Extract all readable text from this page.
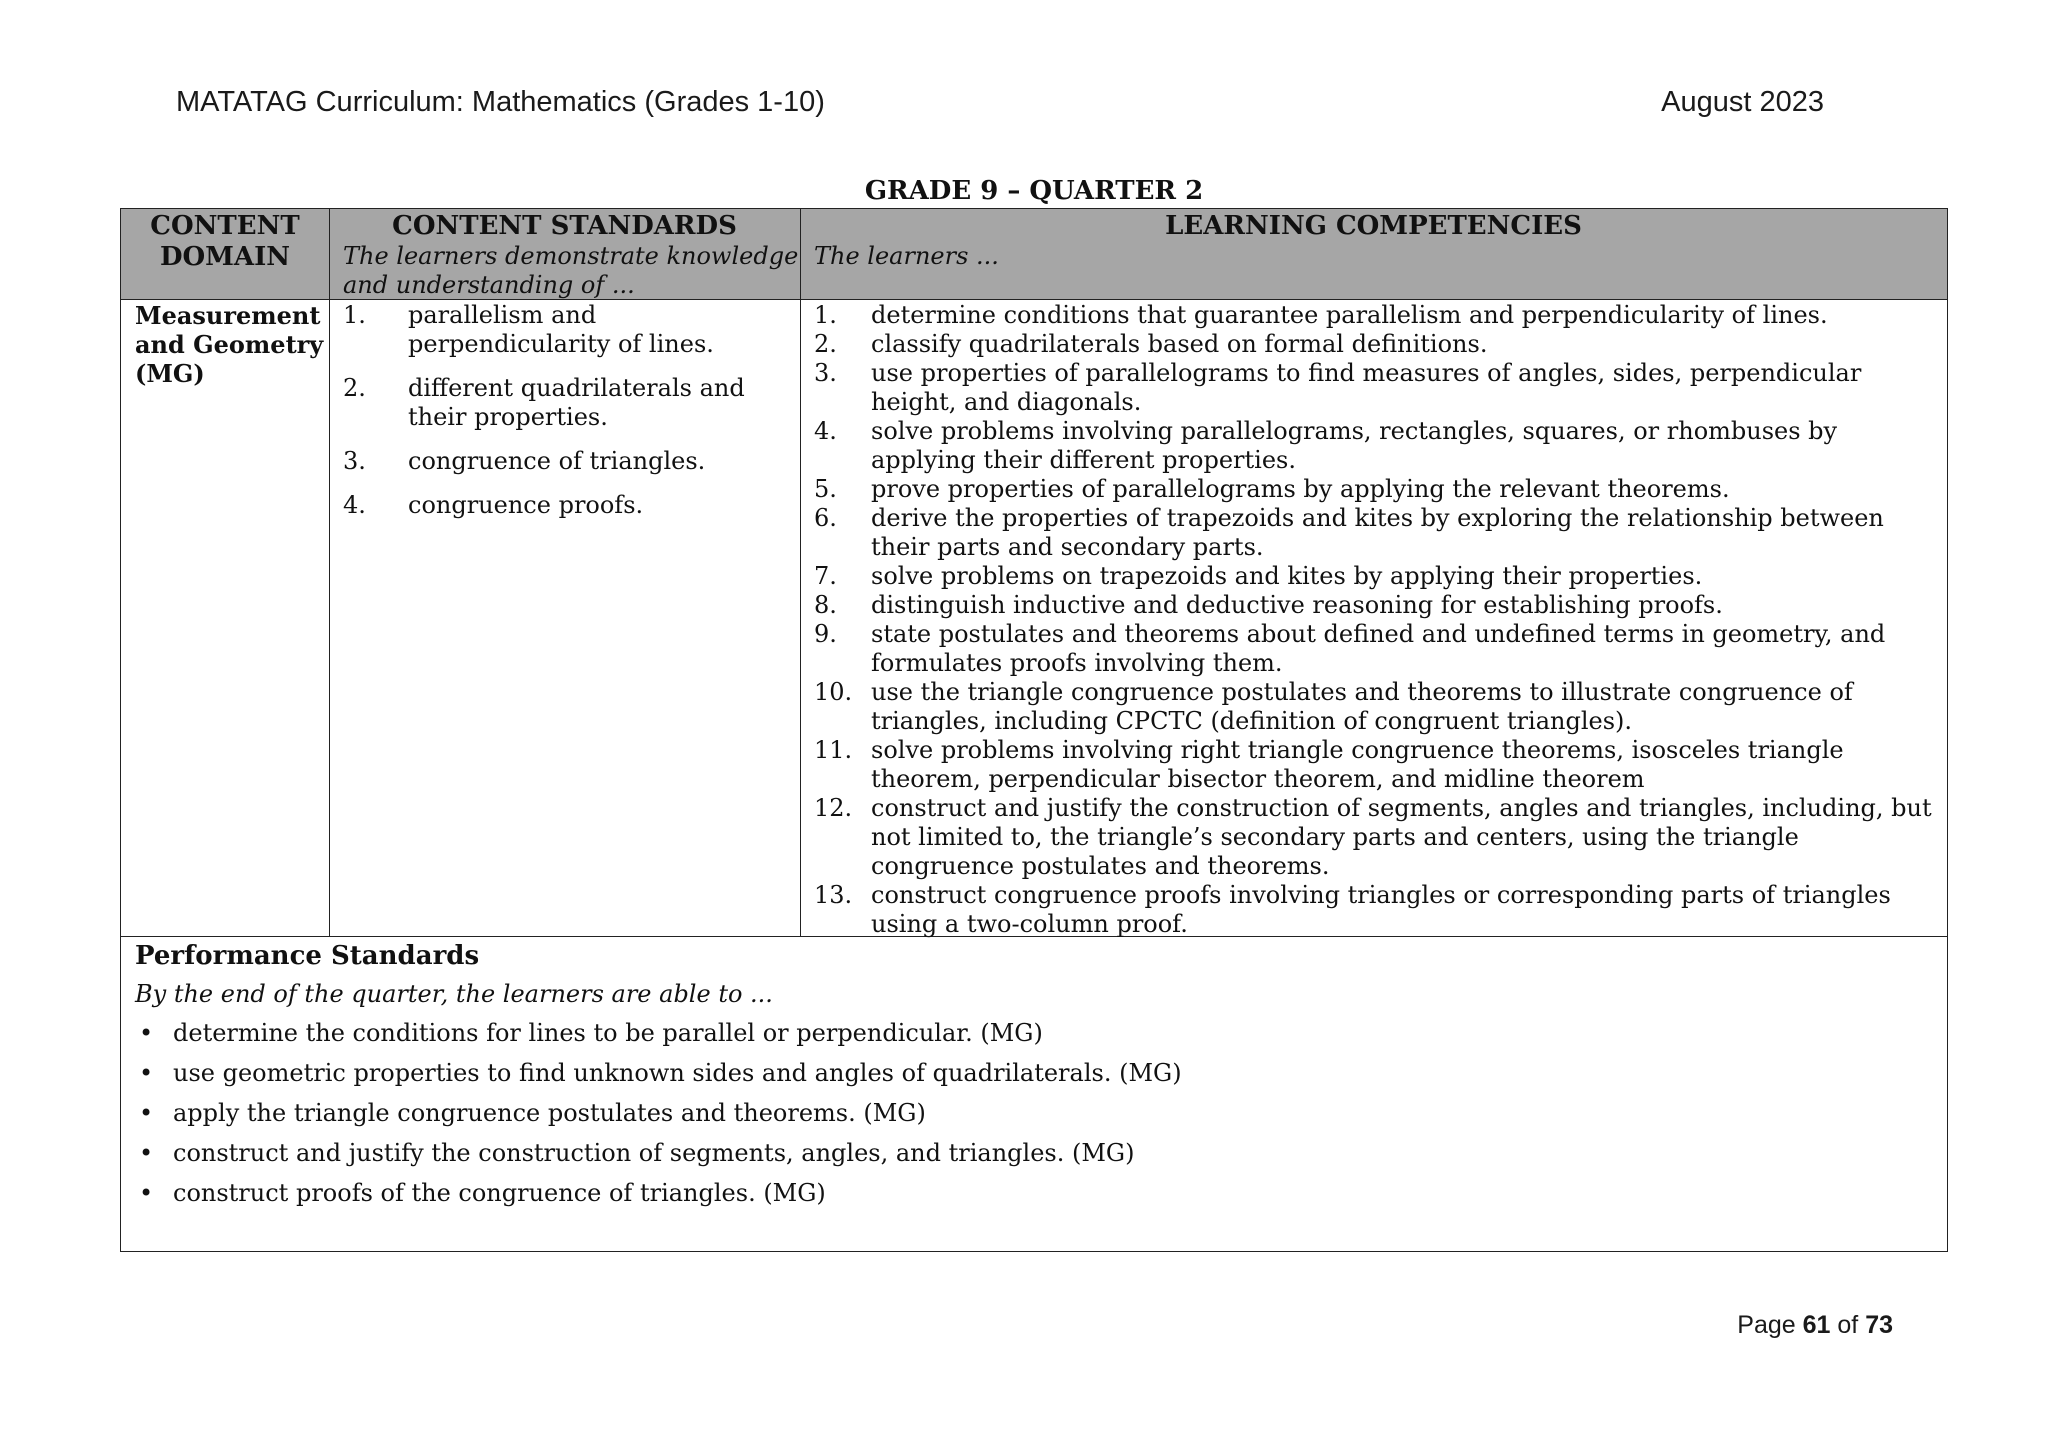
MATATAG Curriculum: Mathematics (Grades 1-10)	August 2023
GRADE 9 – QUARTER 2
CONTENT
DOMAIN
CONTENT STANDARDS
The learners demonstrate knowledge and understanding of ...
LEARNING COMPETENCIES
The learners ...
Measurement
and Geometry
(MG)
1. parallelism and perpendicularity of lines.
2. different quadrilaterals and their properties.
3. congruence of triangles.
4. congruence proofs.
1. determine conditions that guarantee parallelism and perpendicularity of lines.
2. classify quadrilaterals based on formal definitions.
3. use properties of parallelograms to find measures of angles, sides, perpendicular height, and diagonals.
4. solve problems involving parallelograms, rectangles, squares, or rhombuses by applying their different properties.
5. prove properties of parallelograms by applying the relevant theorems.
6. derive the properties of trapezoids and kites by exploring the relationship between their parts and secondary parts.
7. solve problems on trapezoids and kites by applying their properties.
8. distinguish inductive and deductive reasoning for establishing proofs.
9. state postulates and theorems about defined and undefined terms in geometry, and formulates proofs involving them.
10. use the triangle congruence postulates and theorems to illustrate congruence of triangles, including CPCTC (definition of congruent triangles).
11. solve problems involving right triangle congruence theorems, isosceles triangle theorem, perpendicular bisector theorem, and midline theorem
12. construct and justify the construction of segments, angles and triangles, including, but not limited to, the triangle’s secondary parts and centers, using the triangle congruence postulates and theorems.
13. construct congruence proofs involving triangles or corresponding parts of triangles using a two-column proof.
Performance Standards
By the end of the quarter, the learners are able to ...
• determine the conditions for lines to be parallel or perpendicular. (MG)
• use geometric properties to find unknown sides and angles of quadrilaterals. (MG)
• apply the triangle congruence postulates and theorems. (MG)
• construct and justify the construction of segments, angles, and triangles. (MG)
• construct proofs of the congruence of triangles. (MG)
Page 61 of 73
